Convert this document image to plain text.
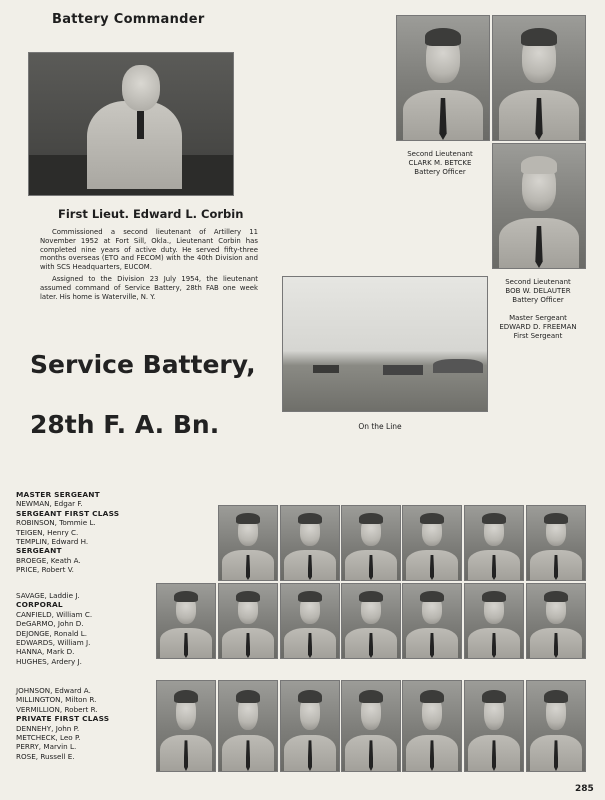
Battery Commander
First Lieut. Edward L. Corbin
Commissioned a second lieutenant of Artillery 11 November 1952 at Fort Sill, Okla., Lieutenant Corbin has completed nine years of active duty. He served fifty-three months overseas (ETO and FECOM) with the 40th Division and with SCS Headquarters, EUCOM.
Assigned to the Division 23 July 1954, the lieutenant assumed command of Service Battery, 28th FAB one week later. His home is Waterville, N. Y.
Second Lieutenant
CLARK M. BETCKE
Battery Officer
Second Lieutenant
BOB W. DELAUTER
Battery Officer
Master Sergeant
EDWARD D. FREEMAN
First Sergeant
On the Line
Service Battery,
28th F. A. Bn.
MASTER SERGEANT
NEWMAN, Edgar F.
SERGEANT FIRST CLASS
ROBINSON, Tommie L.
TEIGEN, Henry C.
TEMPLIN, Edward H.
SERGEANT
BROEGE, Keath A.
PRICE, Robert V.
SAVAGE, Laddie J.
CORPORAL
CANFIELD, William C.
DeGARMO, John D.
DEJONGE, Ronald L.
EDWARDS, William J.
HANNA, Mark D.
HUGHES, Ardery J.
JOHNSON, Edward A.
MILLINGTON, Milton R.
VERMILLION, Robert R.
PRIVATE FIRST CLASS
DENNEHY, John P.
METCHECK, Leo P.
PERRY, Marvin L.
ROSE, Russell E.
285
